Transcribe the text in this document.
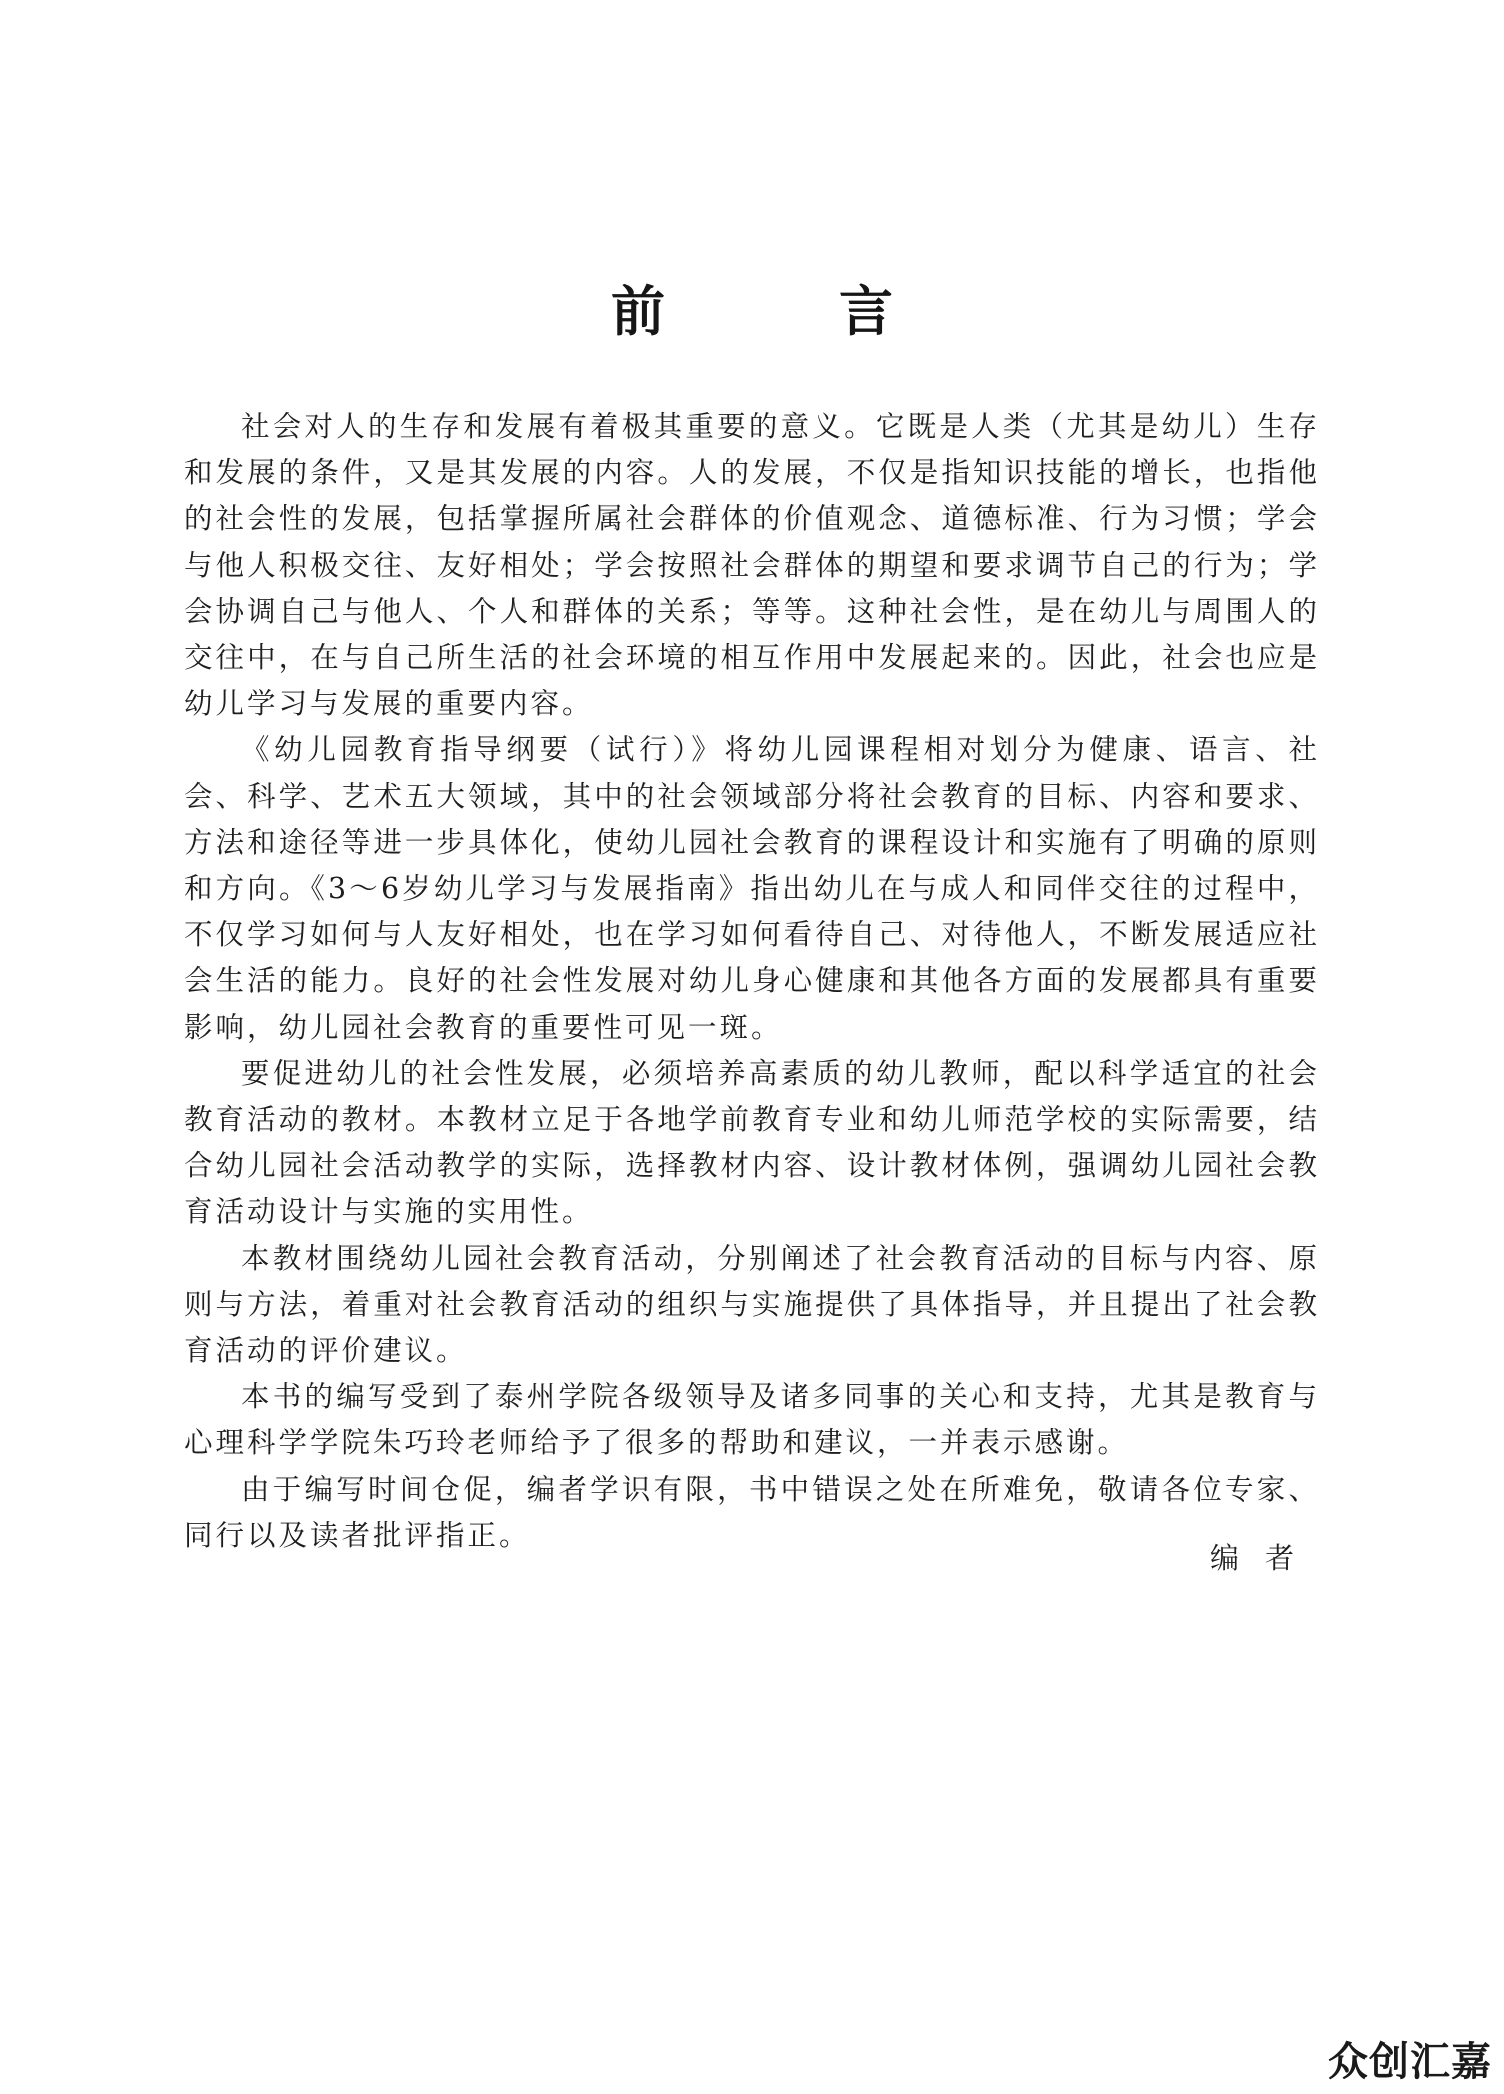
前　言

社会对人的生存和发展有着极其重要的意义。它既是人类（尤其是幼儿）生存和发展的条件，又是其发展的内容。人的发展，不仅是指知识技能的增长，也指他的社会性的发展，包括掌握所属社会群体的价值观念、道德标准、行为习惯；学会与他人积极交往、友好相处；学会按照社会群体的期望和要求调节自己的行为；学会协调自己与他人、个人和群体的关系；等等。这种社会性，是在幼儿与周围人的交往中，在与自己所生活的社会环境的相互作用中发展起来的。因此，社会也应是幼儿学习与发展的重要内容。

《幼儿园教育指导纲要（试行）》将幼儿园课程相对划分为健康、语言、社会、科学、艺术五大领域，其中的社会领域部分将社会教育的目标、内容和要求、方法和途径等进一步具体化，使幼儿园社会教育的课程设计和实施有了明确的原则和方向。《3～6岁幼儿学习与发展指南》指出幼儿在与成人和同伴交往的过程中，不仅学习如何与人友好相处，也在学习如何看待自己、对待他人，不断发展适应社会生活的能力。良好的社会性发展对幼儿身心健康和其他各方面的发展都具有重要影响，幼儿园社会教育的重要性可见一斑。

要促进幼儿的社会性发展，必须培养高素质的幼儿教师，配以科学适宜的社会教育活动的教材。本教材立足于各地学前教育专业和幼儿师范学校的实际需要，结合幼儿园社会活动教学的实际，选择教材内容、设计教材体例，强调幼儿园社会教育活动设计与实施的实用性。

本教材围绕幼儿园社会教育活动，分别阐述了社会教育活动的目标与内容、原则与方法，着重对社会教育活动的组织与实施提供了具体指导，并且提出了社会教育活动的评价建议。

本书的编写受到了泰州学院各级领导及诸多同事的关心和支持，尤其是教育与心理科学学院朱巧玲老师给予了很多的帮助和建议，一并表示感谢。

由于编写时间仓促，编者学识有限，书中错误之处在所难免，敬请各位专家、同行以及读者批评指正。

编者

众创汇嘉
